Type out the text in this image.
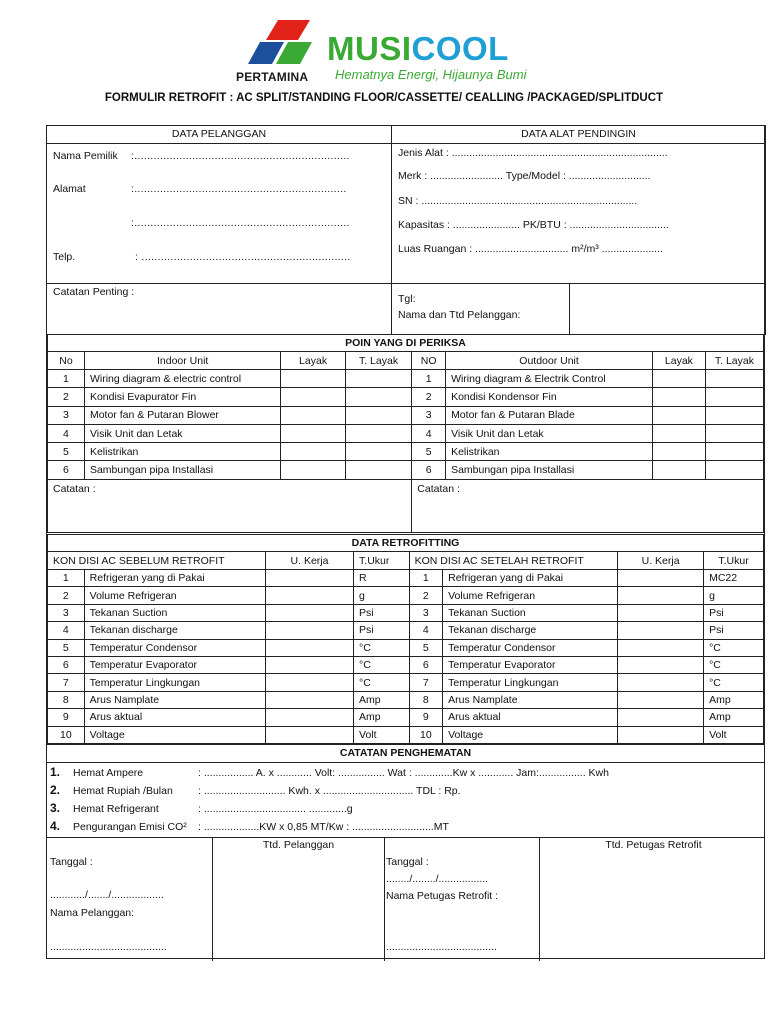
PERTAMINA
MUSICOOL
Hematnya Energi, Hijaunya Bumi
FORMULIR RETROFIT : AC SPLIT/STANDING FLOOR/CASSETTE/ CEALLING /PACKAGED/SPLITDUCT
DATA PELANGGAN	DATA ALAT PENDINGIN
Nama Pemilik :...................................................................
Alamat	:..................................................................
:...................................................................
Telp.	: .................................................................
Jenis Alat : ..........................................................................
Merk : ......................... Type/Model : ............................
SN : ..........................................................................
Kapasitas : ....................... PK/BTU : ..................................
Luas Ruangan : ................................ m²/m³ .....................
Catatan Penting :
Tgl:
Nama dan Ttd Pelanggan:
POIN YANG DI PERIKSA							
No	Indoor Unit	Layak	T. Layak	NO	Outdoor Unit	Layak	T. Layak
1	Wiring diagram & electric control			1	Wiring diagram & Electrik Control		
2	Kondisi Evapurator Fin			2	Kondisi Kondensor Fin		
3	Motor fan & Putaran Blower			3	Motor fan & Putaran Blade		
4	Visik Unit dan Letak			4	Visik Unit dan Letak		
5	Kelistrikan			5	Kelistrikan		
6	Sambungan pipa Installasi			6	Sambungan pipa Installasi		
Catatan :				Catatan :			
DATA RETROFITTING							
KON DISI AC SEBELUM RETROFIT		U. Kerja	T.Ukur	KON DISI AC SETELAH RETROFIT		U. Kerja	T.Ukur
1	Refrigeran yang di Pakai		R	1	Refrigeran yang di Pakai		MC22
2	Volume Refrigeran		g	2	Volume Refrigeran		g
3	Tekanan Suction		Psi	3	Tekanan Suction		Psi
4	Tekanan discharge		Psi	4	Tekanan discharge		Psi
5	Temperatur Condensor		°C	5	Temperatur Condensor		°C
6	Temperatur Evaporator		°C	6	Temperatur Evaporator		°C
7	Temperatur Lingkungan		°C	7	Temperatur Lingkungan		°C
8	Arus Namplate		Amp	8	Arus Namplate		Amp
9	Arus aktual		Amp	9	Arus aktual		Amp
10	Voltage		Volt	10	Voltage		Volt
CATATAN PENGHEMATAN
1. Hemat Ampere	: ................. A. x ............ Volt: ................ Wat : .............Kw x ............ Jam:................ Kwh
2. Hemat Rupiah /Bulan : ............................ Kwh. x ............................... TDL : Rp.
3. Hemat Refrigerant	: ................................... .............g
4. Pengurangan Emisi CO² : ...................KW x 0,85 MT/Kw : ............................MT
Ttd. Pelanggan	Ttd. Petugas Retrofit
Tanggal :
............/......./..................
Nama Pelanggan:
........................................
Tanggal :
......../......../.................
Nama Petugas Retrofit :
......................................
